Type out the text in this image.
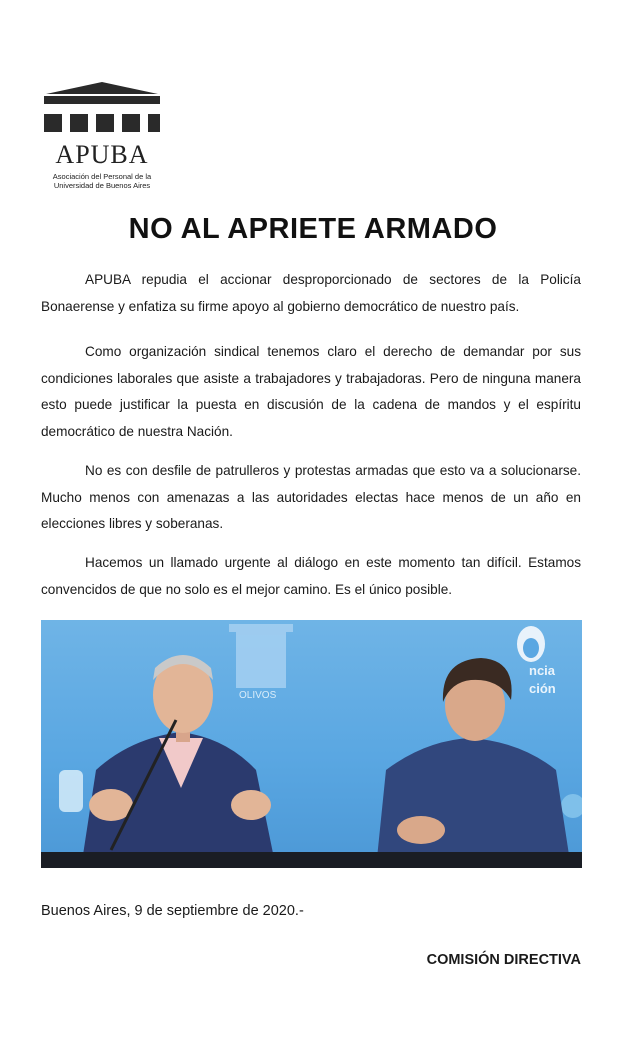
APUBA
Asociación del Personal de la
Universidad de Buenos Aires
NO AL APRIETE ARMADO

APUBA repudia el accionar desproporcionado de sectores de la Policía Bonaerense y enfatiza su firme apoyo al gobierno democrático de nuestro país.

Como organización sindical tenemos claro el derecho de demandar por sus condiciones laborales que asiste a trabajadores y trabajadoras. Pero de ninguna manera esto puede justificar la puesta en discusión de la cadena de mandos y el espíritu democrático de nuestra Nación.

No es con desfile de patrulleros y protestas armadas que esto va a solucionarse. Mucho menos con amenazas a las autoridades electas hace menos de un año en elecciones libres y soberanas.

Hacemos un llamado urgente al diálogo en este momento tan difícil. Estamos convencidos de que no solo es el mejor camino. Es el único posible.

OLIVOS
ncia
ción
Buenos Aires, 9 de septiembre de 2020.-
COMISIÓN DIRECTIVA
